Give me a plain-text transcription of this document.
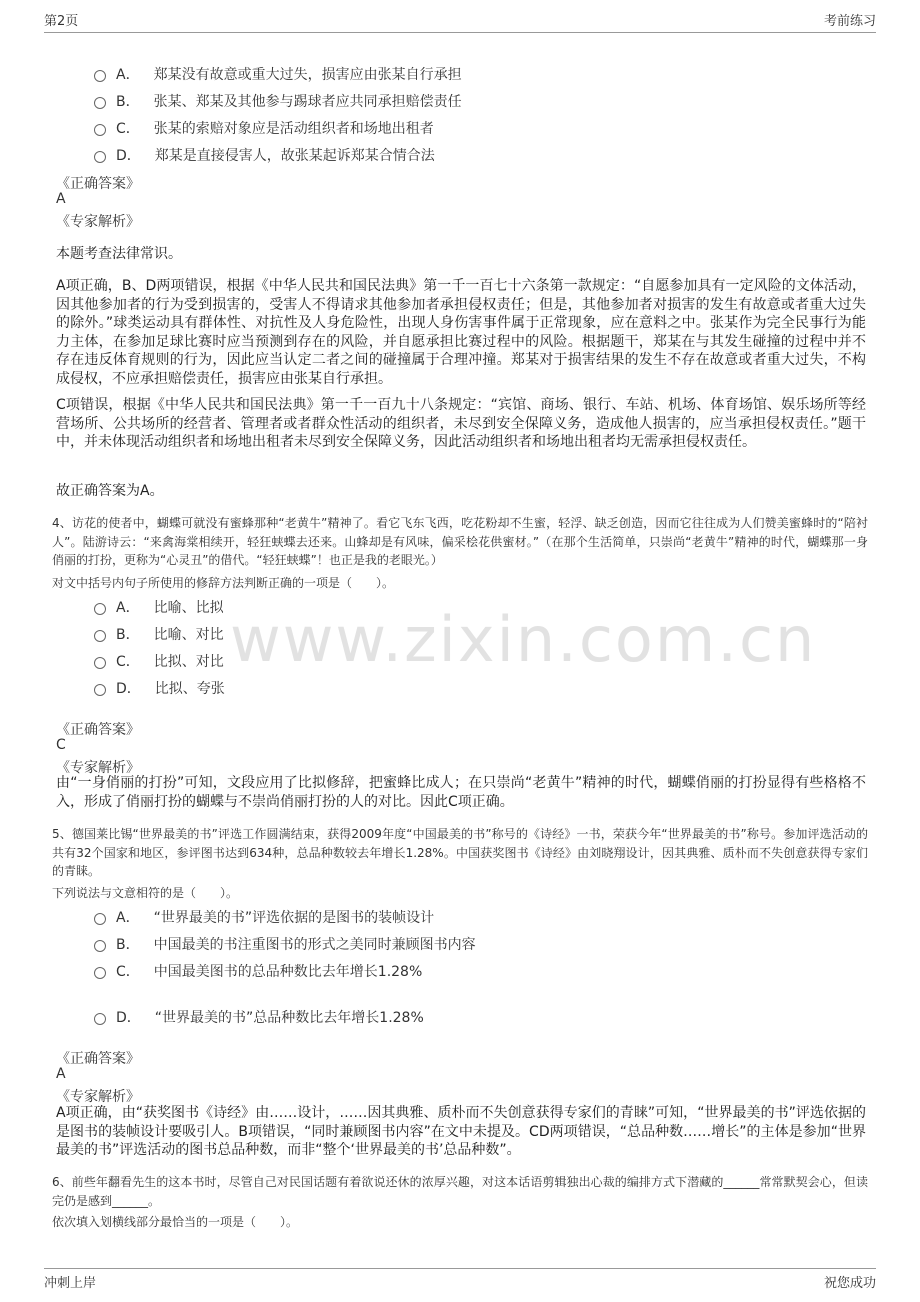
第2页	考前练习
www.zixin.com.cn
A． 郑某没有故意或重大过失，损害应由张某自行承担
B． 张某、郑某及其他参与踢球者应共同承担赔偿责任
C． 张某的索赔对象应是活动组织者和场地出租者
D． 郑某是直接侵害人，故张某起诉郑某合情合法
《正确答案》
A
《专家解析》
本题考查法律常识。
A项正确，B、D两项错误，根据《中华人民共和国民法典》第一千一百七十六条第一款规定：“自愿参加具有一定风险的文体活动，因其他参加者的行为受到损害的，受害人不得请求其他参加者承担侵权责任；但是，其他参加者对损害的发生有故意或者重大过失的除外。”球类运动具有群体性、对抗性及人身危险性，出现人身伤害事件属于正常现象，应在意料之中。张某作为完全民事行为能力主体，在参加足球比赛时应当预测到存在的风险，并自愿承担比赛过程中的风险。根据题干，郑某在与其发生碰撞的过程中并不存在违反体育规则的行为，因此应当认定二者之间的碰撞属于合理冲撞。郑某对于损害结果的发生不存在故意或者重大过失，不构成侵权，不应承担赔偿责任，损害应由张某自行承担。
C项错误，根据《中华人民共和国民法典》第一千一百九十八条规定：“宾馆、商场、银行、车站、机场、体育场馆、娱乐场所等经营场所、公共场所的经营者、管理者或者群众性活动的组织者，未尽到安全保障义务，造成他人损害的，应当承担侵权责任。”题干中，并未体现活动组织者和场地出租者未尽到安全保障义务，因此活动组织者和场地出租者均无需承担侵权责任。
故正确答案为A。
4、访花的使者中，蝴蝶可就没有蜜蜂那种“老黄牛”精神了。看它飞东飞西，吃花粉却不生蜜，轻浮、缺乏创造，因而它往往成为人们赞美蜜蜂时的“陪衬人”。陆游诗云：“来禽海棠相续开，轻狂蛱蝶去还来。山蜂却是有风味，偏采桧花供蜜材。”（在那个生活简单，只崇尚“老黄牛”精神的时代，蝴蝶那一身俏丽的打扮，更称为“心灵丑”的借代。“轻狂蛱蝶”！也正是我的老眼光。）
对文中括号内句子所使用的修辞方法判断正确的一项是（　　）。
A． 比喻、比拟
B． 比喻、对比
C． 比拟、对比
D． 比拟、夸张
《正确答案》
C
《专家解析》
由“一身俏丽的打扮”可知，文段应用了比拟修辞，把蜜蜂比成人；在只崇尚“老黄牛”精神的时代，蝴蝶俏丽的打扮显得有些格格不入，形成了俏丽打扮的蝴蝶与不崇尚俏丽打扮的人的对比。因此C项正确。
5、德国莱比锡“世界最美的书”评选工作圆满结束，获得2009年度“中国最美的书”称号的《诗经》一书，荣获今年“世界最美的书”称号。参加评选活动的共有32个国家和地区，参评图书达到634种，总品种数较去年增长1.28%。中国获奖图书《诗经》由刘晓翔设计，因其典雅、质朴而不失创意获得专家们的青睐。
下列说法与文意相符的是（　　）。
A． “世界最美的书”评选依据的是图书的装帧设计
B． 中国最美的书注重图书的形式之美同时兼顾图书内容
C． 中国最美图书的总品种数比去年增长1.28%
D． “世界最美的书”总品种数比去年增长1.28%
《正确答案》
A
《专家解析》
A项正确，由“获奖图书《诗经》由……设计，……因其典雅、质朴而不失创意获得专家们的青睐”可知，“世界最美的书”评选依据的是图书的装帧设计要吸引人。B项错误，“同时兼顾图书内容”在文中未提及。CD两项错误，“总品种数……增长”的主体是参加“世界最美的书”评选活动的图书总品种数，而非“整个‘世界最美的书’总品种数”。
6、前些年翻看先生的这本书时，尽管自己对民国话题有着欲说还休的浓厚兴趣，对这本话语剪辑独出心裁的编排方式下潜藏的______常常默契会心，但读完仍是感到______。
依次填入划横线部分最恰当的一项是（　　）。
冲刺上岸	祝您成功
